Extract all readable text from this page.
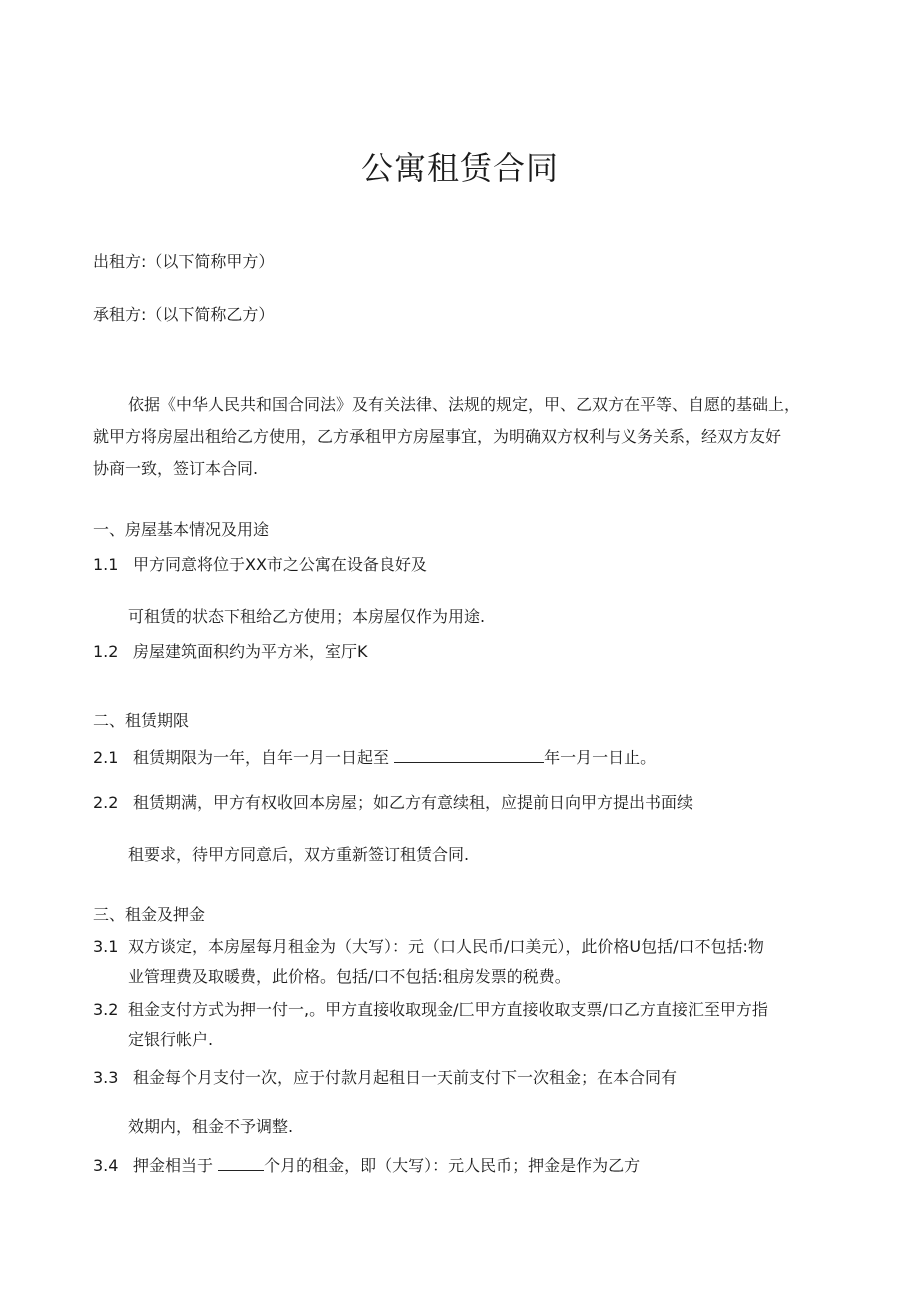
公寓租赁合同
出租方:（以下简称甲方）
承租方:（以下简称乙方）
依据《中华人民共和国合同法》及有关法律、法规的规定，甲、乙双方在平等、自愿的基础上，
就甲方将房屋出租给乙方使用，乙方承租甲方房屋事宜，为明确双方权利与义务关系，经双方友好
协商一致，签订本合同.
一、房屋基本情况及用途
1.1 甲方同意将位于XX市之公寓在设备良好及
可租赁的状态下租给乙方使用；本房屋仅作为用途.
1.2 房屋建筑面积约为平方米，室厅K
二、租赁期限
2.1 租赁期限为一年，自年一月一日起至	年一月一日止。
2.2 租赁期满，甲方有权收回本房屋；如乙方有意续租，应提前日向甲方提出书面续
租要求，待甲方同意后，双方重新签订租赁合同.
三、租金及押金
3.1 双方谈定，本房屋每月租金为（大写）：元（口人民币/口美元），此价格U包括/口不包括:物
业管理费及取暖费，此价格。包括/口不包括:租房发票的税费。
3.2 租金支付方式为押一付一,。甲方直接收取现金/匚甲方直接收取支票/口乙方直接汇至甲方指
定银行帐户.
3.3 租金每个月支付一次，应于付款月起租日一天前支付下一次租金；在本合同有
效期内，租金不予调整.
3.4 押金相当于	个月的租金，即（大写）：元人民币；押金是作为乙方
